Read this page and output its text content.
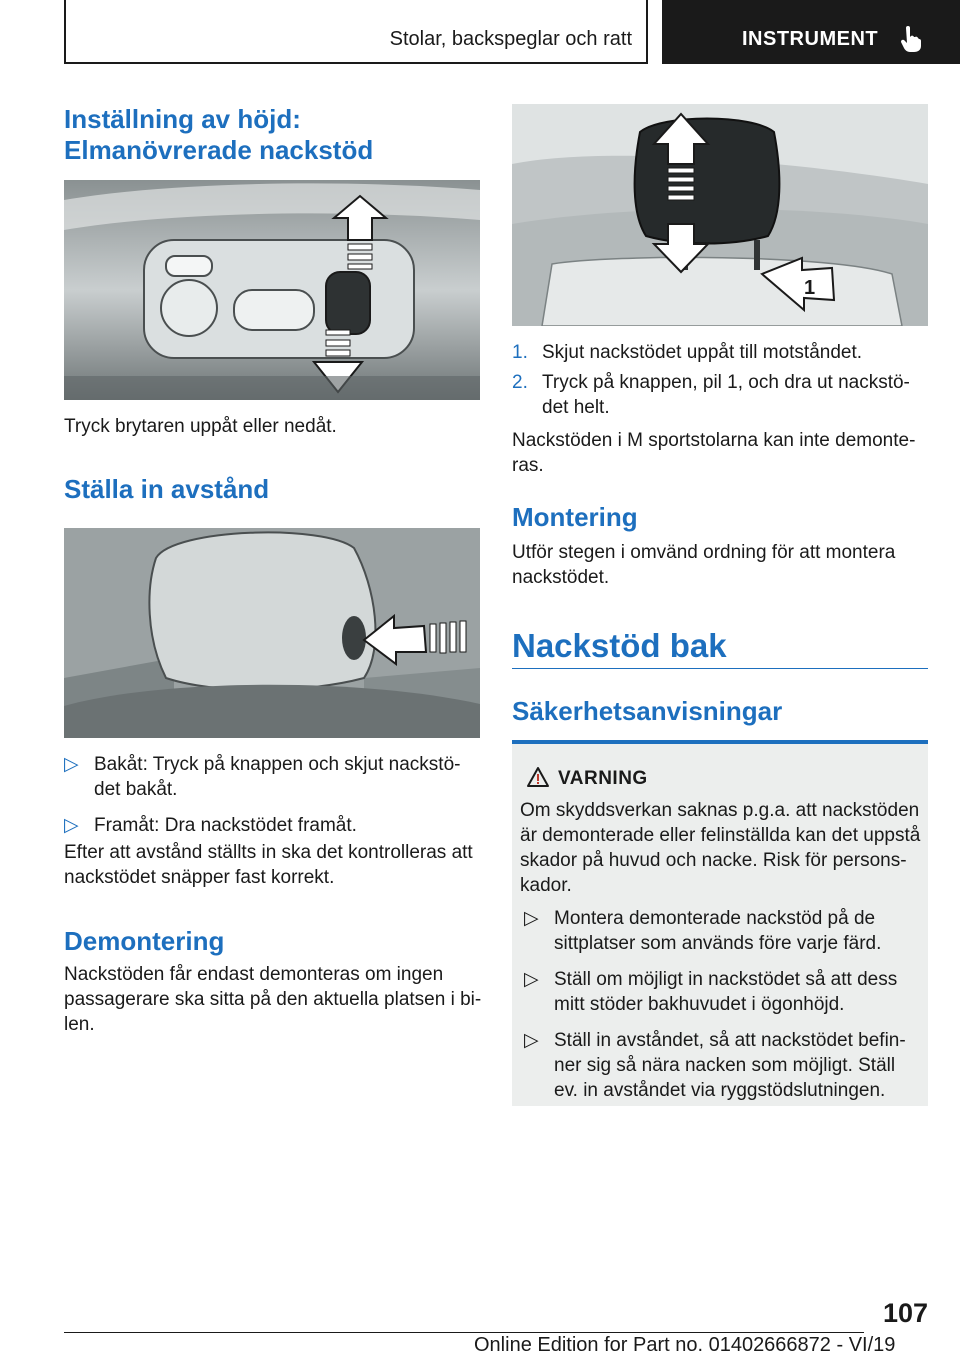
Stolar, backspeglar och ratt	INSTRUMENT
Inställning av höjd:
Elmanövrerade nackstöd

Tryck brytaren uppåt eller nedåt.

Ställa in avstånd
▷ Bakåt: Tryck på knappen och skjut nackstö‐
det bakåt.
▷ Framåt: Dra nackstödet framåt.

Efter att avstånd ställts in ska det kontrolleras att
nackstödet snäpper fast korrekt.

Demontering

Nackstöden får endast demonteras om ingen
passagerare ska sitta på den aktuella platsen i bi‐
len.

1
1. Skjut nackstödet uppåt till motståndet.
2. Tryck på knappen, pil 1, och dra ut nackstö‐
det helt.

Nackstöden i M sportstolarna kan inte demonte‐
ras.

Montering

Utför stegen i omvänd ordning för att montera
nackstödet.

Nackstöd bak
Säkerhetsanvisningar
VARNING

Om skyddsverkan saknas p.g.a. att nackstöden
är demonterade eller felinställda kan det uppstå
skador på huvud och nacke. Risk för persons‐
kador.

▷ Montera demonterade nackstöd på de
sittplatser som används före varje färd.
▷ Ställ om möjligt in nackstödet så att dess
mitt stöder bakhuvudet i ögonhöjd.
▷ Ställ in avståndet, så att nackstödet befin‐
ner sig så nära nacken som möjligt. Ställ
ev. in avståndet via ryggstödslutningen.
107
Online Edition for Part no. 01402666872 - VI/19
